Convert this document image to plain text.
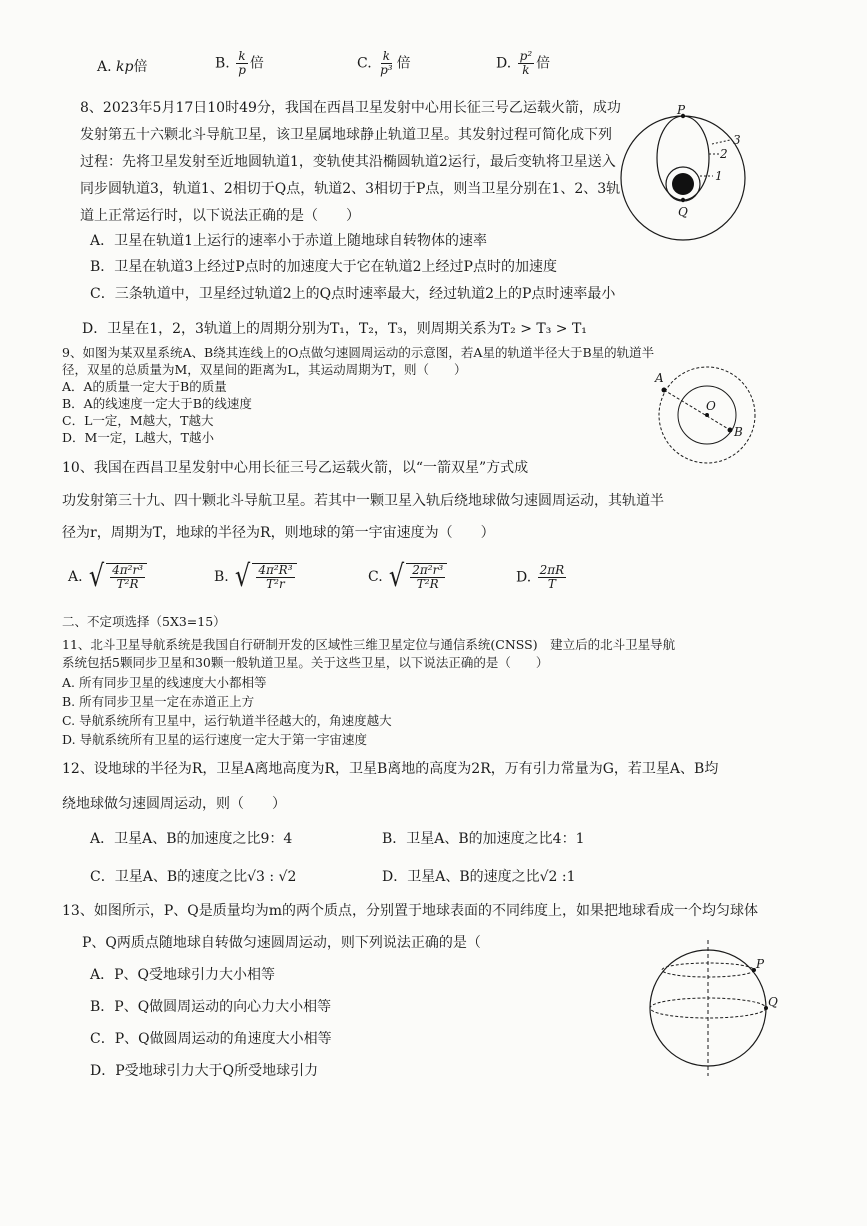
A. kp倍	B. $\frac{k}{p}$ 倍	C. $\frac{k}{\text{p³}}$ 倍	D. $\frac{\text{p²}}{k}$ 倍
8、2023年5月17日10时49分，我国在西昌卫星发射中心用长征三号乙运载火箭，成功
发射第五十六颗北斗导航卫星，该卫星属地球静止轨道卫星。其发射过程可简化成下列
过程：先将卫星发射至近地圆轨道1，变轨使其沿椭圆轨道2运行，最后变轨将卫星送入
同步圆轨道3，轨道1、2相切于Q点，轨道2、3相切于P点，则当卫星分别在1、2、3轨
道上正常运行时，以下说法正确的是（　　）
A．卫星在轨道1上运行的速率小于赤道上随地球自转物体的速率
B．卫星在轨道3上经过P点时的加速度大于它在轨道2上经过P点时的加速度
C．三条轨道中，卫星经过轨道2上的Q点时速率最大，经过轨道2上的P点时速率最小
D．卫星在1，2，3轨道上的周期分别为T₁，T₂，T₃，则周期关系为T₂ > T₃ > T₁
P
Q
3
2
1
9、如图为某双星系统A、B绕其连线上的O点做匀速圆周运动的示意图，若A星的轨道半径大于B星的轨道半
径，双星的总质量为M，双星间的距离为L，其运动周期为T，则（　　）
A．A的质量一定大于B的质量
B．A的线速度一定大于B的线速度
C．L一定，M越大，T越大
D．M一定，L越大，T越小
A
O
B
10、我国在西昌卫星发射中心用长征三号乙运载火箭，以“一箭双星”方式成
功发射第三十九、四十颗北斗导航卫星。若其中一颗卫星入轨后绕地球做匀速圆周运动，其轨道半
径为r，周期为T，地球的半径为R，则地球的第一宇宙速度为（　　）
A. √ $\frac{\text{4π²r³}}{\text{T²R}}$	B. √ $\frac{\text{4π²R³}}{\text{T²r}}$	C. √ $\frac{\text{2π²r³}}{\text{T²R}}$	D. $\frac{2\pi R}{T}$
二、不定项选择（5X3=15）
11、北斗卫星导航系统是我国自行研制开发的区域性三维卫星定位与通信系统(CNSS)　建立后的北斗卫星导航
系统包括5颗同步卫星和30颗一般轨道卫星。关于这些卫星，以下说法正确的是（　　）
A. 所有同步卫星的线速度大小都相等
B. 所有同步卫星一定在赤道正上方
C. 导航系统所有卫星中，运行轨道半径越大的，角速度越大
D. 导航系统所有卫星的运行速度一定大于第一宇宙速度
12、设地球的半径为R，卫星A离地高度为R，卫星B离地的高度为2R，万有引力常量为G，若卫星A、B均
绕地球做匀速圆周运动，则（　　）
A．卫星A、B的加速度之比9：4	B．卫星A、B的加速度之比4：1
C．卫星A、B的速度之比√3 : √2	D．卫星A、B的速度之比√2 :1
13、如图所示，P、Q是质量均为m的两个质点，分别置于地球表面的不同纬度上，如果把地球看成一个均匀球体
P、Q两质点随地球自转做匀速圆周运动，则下列说法正确的是（
A．P、Q受地球引力大小相等
B．P、Q做圆周运动的向心力大小相等
C．P、Q做圆周运动的角速度大小相等
D．P受地球引力大于Q所受地球引力
P
Q
